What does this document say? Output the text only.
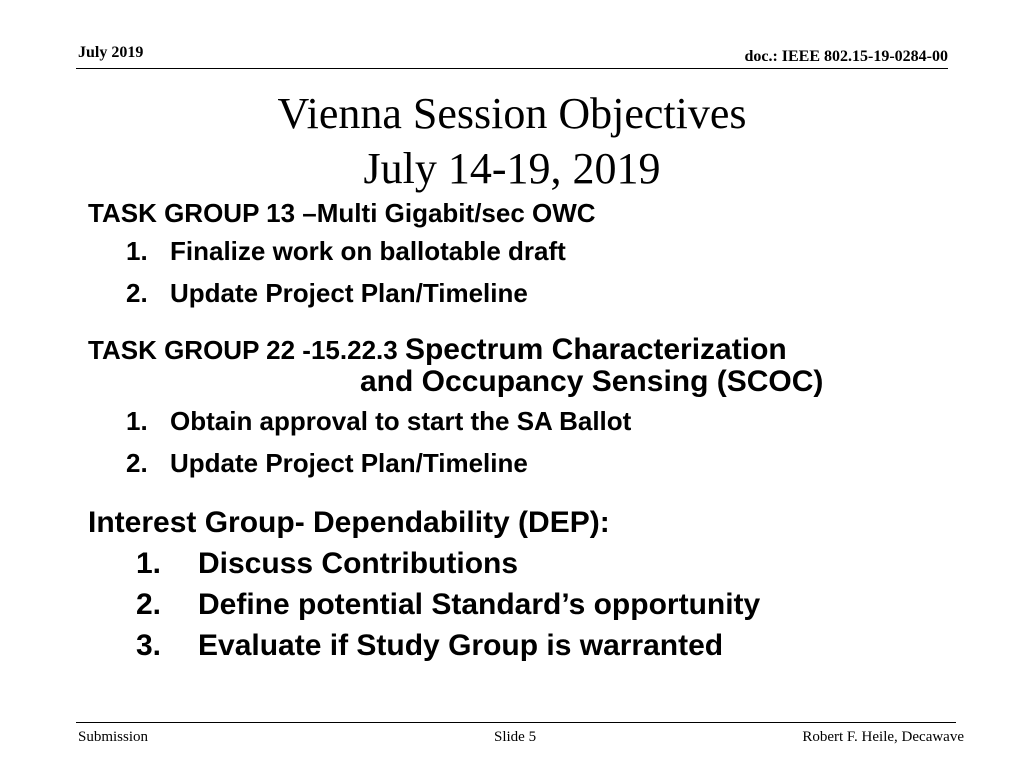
July 2019	doc.: IEEE 802.15-19-0284-00
Vienna Session Objectives
July 14-19, 2019
TASK GROUP 13 –Multi Gigabit/sec OWC
1. Finalize work on ballotable draft
2. Update Project Plan/Timeline
TASK GROUP 22 -15.22.3 Spectrum Characterization
and Occupancy Sensing (SCOC)
1. Obtain approval to start the SA Ballot
2. Update Project Plan/Timeline
Interest Group- Dependability (DEP):
1. Discuss Contributions
2. Define potential Standard’s opportunity
3. Evaluate if Study Group is warranted
Submission	Slide 5	Robert F. Heile, Decawave
